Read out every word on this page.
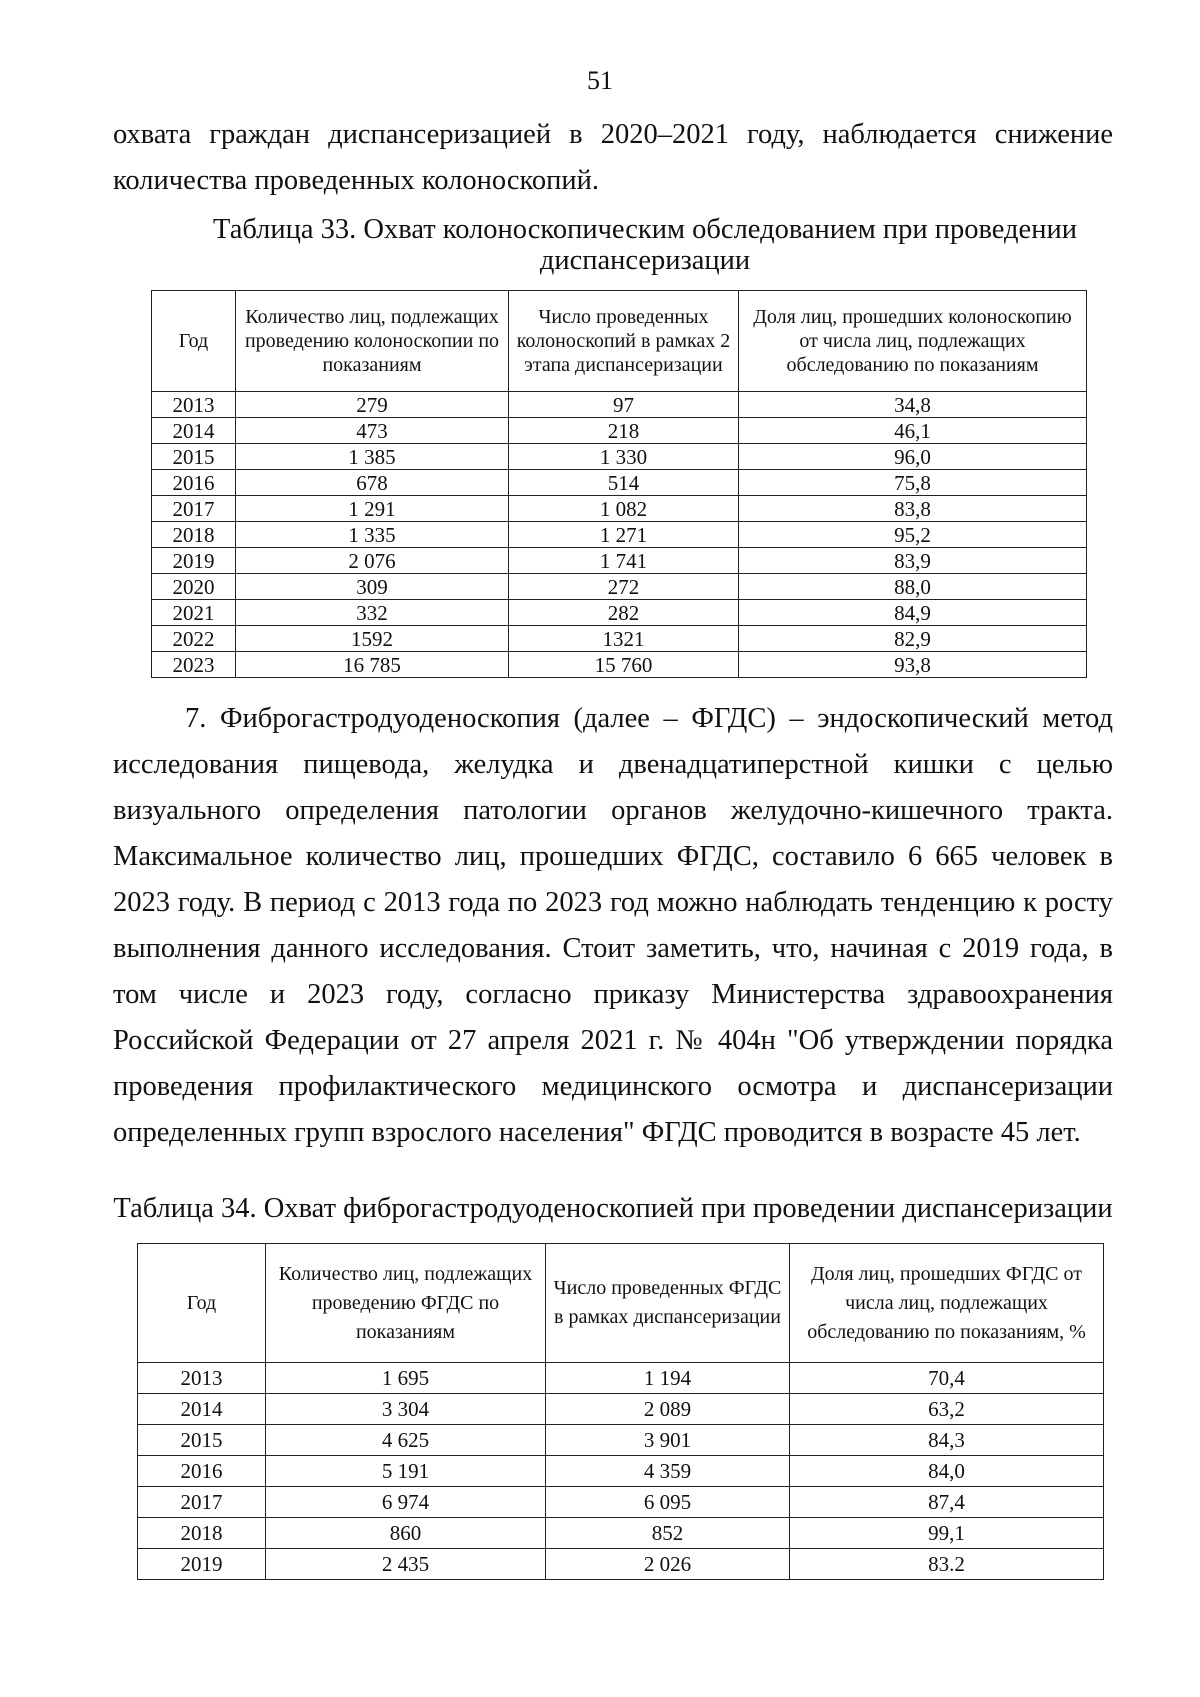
51

охвата граждан диспансеризацией в 2020–2021 году, наблюдается снижение количества проведенных колоноскопий.

Таблица 33. Охват колоноскопическим обследованием при проведении диспансеризации

Год	Количество лиц, подлежащих проведению колоноскопии по показаниям	Число проведенных колоноскопий в рамках 2 этапа диспансеризации	Доля лиц, прошедших колоноскопию от числа лиц, подлежащих обследованию по показаниям
2013	279	97	34,8
2014	473	218	46,1
2015	1 385	1 330	96,0
2016	678	514	75,8
2017	1 291	1 082	83,8
2018	1 335	1 271	95,2
2019	2 076	1 741	83,9
2020	309	272	88,0
2021	332	282	84,9
2022	1592	1321	82,9
2023	16 785	15 760	93,8

7. Фиброгастродуоденоскопия (далее – ФГДС) – эндоскопический метод исследования пищевода, желудка и двенадцатиперстной кишки с целью визуального определения патологии органов желудочно-кишечного тракта. Максимальное количество лиц, прошедших ФГДС, составило 6 665 человек в 2023 году. В период с 2013 года по 2023 год можно наблюдать тенденцию к росту выполнения данного исследования. Стоит заметить, что, начиная с 2019 года, в том числе и 2023 году, согласно приказу Министерства здравоохранения Российской Федерации от 27 апреля 2021 г. № 404н "Об утверждении порядка проведения профилактического медицинского осмотра и диспансеризации определенных групп взрослого населения" ФГДС проводится в возрасте 45 лет.

Таблица 34. Охват фиброгастродуоденоскопией при проведении диспансеризации

Год	Количество лиц, подлежащих проведению ФГДС по показаниям	Число проведенных ФГДС в рамках диспансеризации	Доля лиц, прошедших ФГДС от числа лиц, подлежащих обследованию по показаниям, %
2013	1 695	1 194	70,4
2014	3 304	2 089	63,2
2015	4 625	3 901	84,3
2016	5 191	4 359	84,0
2017	6 974	6 095	87,4
2018	860	852	99,1
2019	2 435	2 026	83.2
